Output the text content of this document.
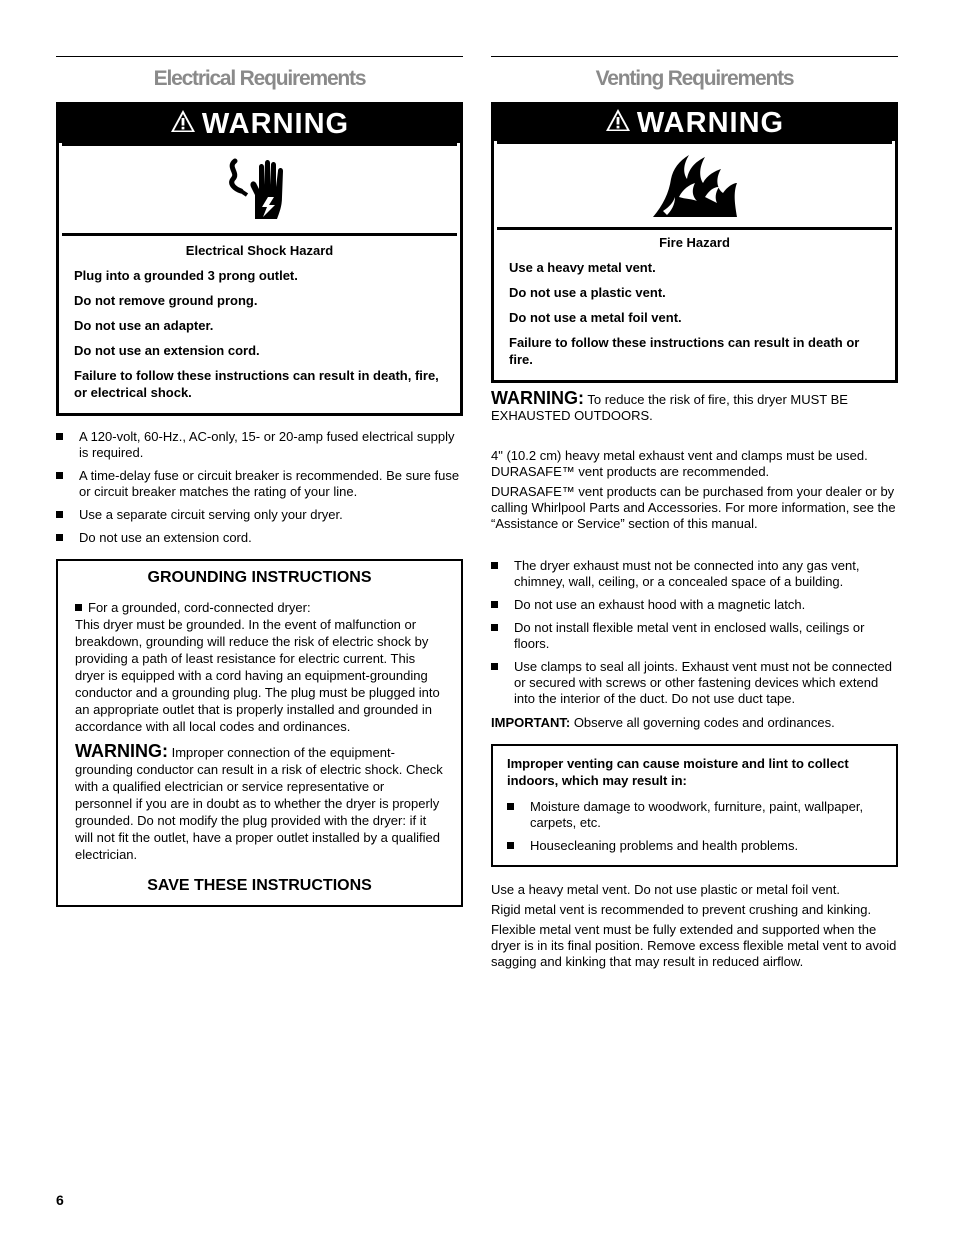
Electrical Requirements
WARNING
Electrical Shock Hazard

Plug into a grounded 3 prong outlet.

Do not remove ground prong.

Do not use an adapter.

Do not use an extension cord.

Failure to follow these instructions can result in death, fire, or electrical shock.

A 120-volt, 60-Hz., AC-only, 15- or 20-amp fused electrical supply is required.
A time-delay fuse or circuit breaker is recommended. Be sure fuse or circuit breaker matches the rating of your line.
Use a separate circuit serving only your dryer.
Do not use an extension cord.
GROUNDING INSTRUCTIONS
For a grounded, cord-connected dryer:
This dryer must be grounded. In the event of malfunction or breakdown, grounding will reduce the risk of electric shock by providing a path of least resistance for electric current. This dryer is equipped with a cord having an equipment-grounding conductor and a grounding plug. The plug must be plugged into an appropriate outlet that is properly installed and grounded in accordance with all local codes and ordinances.
WARNING: Improper connection of the equipment-grounding conductor can result in a risk of electric shock. Check with a qualified electrician or service representative or personnel if you are in doubt as to whether the dryer is properly grounded. Do not modify the plug provided with the dryer: if it will not fit the outlet, have a proper outlet installed by a qualified electrician.
SAVE THESE INSTRUCTIONS
Venting Requirements
WARNING
Fire Hazard

Use a heavy metal vent.

Do not use a plastic vent.

Do not use a metal foil vent.

Failure to follow these instructions can result in death or fire.

WARNING: To reduce the risk of fire, this dryer MUST BE EXHAUSTED OUTDOORS.

4" (10.2 cm) heavy metal exhaust vent and clamps must be used. DURASAFE™ vent products are recommended.

DURASAFE™ vent products can be purchased from your dealer or by calling Whirlpool Parts and Accessories. For more information, see the “Assistance or Service” section of this manual.

The dryer exhaust must not be connected into any gas vent, chimney, wall, ceiling, or a concealed space of a building.
Do not use an exhaust hood with a magnetic latch.
Do not install flexible metal vent in enclosed walls, ceilings or floors.
Use clamps to seal all joints. Exhaust vent must not be connected or secured with screws or other fastening devices which extend into the interior of the duct. Do not use duct tape.
IMPORTANT: Observe all governing codes and ordinances.
Improper venting can cause moisture and lint to collect indoors, which may result in:
Moisture damage to woodwork, furniture, paint, wallpaper, carpets, etc.
Housecleaning problems and health problems.

Use a heavy metal vent. Do not use plastic or metal foil vent.

Rigid metal vent is recommended to prevent crushing and kinking.

Flexible metal vent must be fully extended and supported when the dryer is in its final position. Remove excess flexible metal vent to avoid sagging and kinking that may result in reduced airflow.

6
